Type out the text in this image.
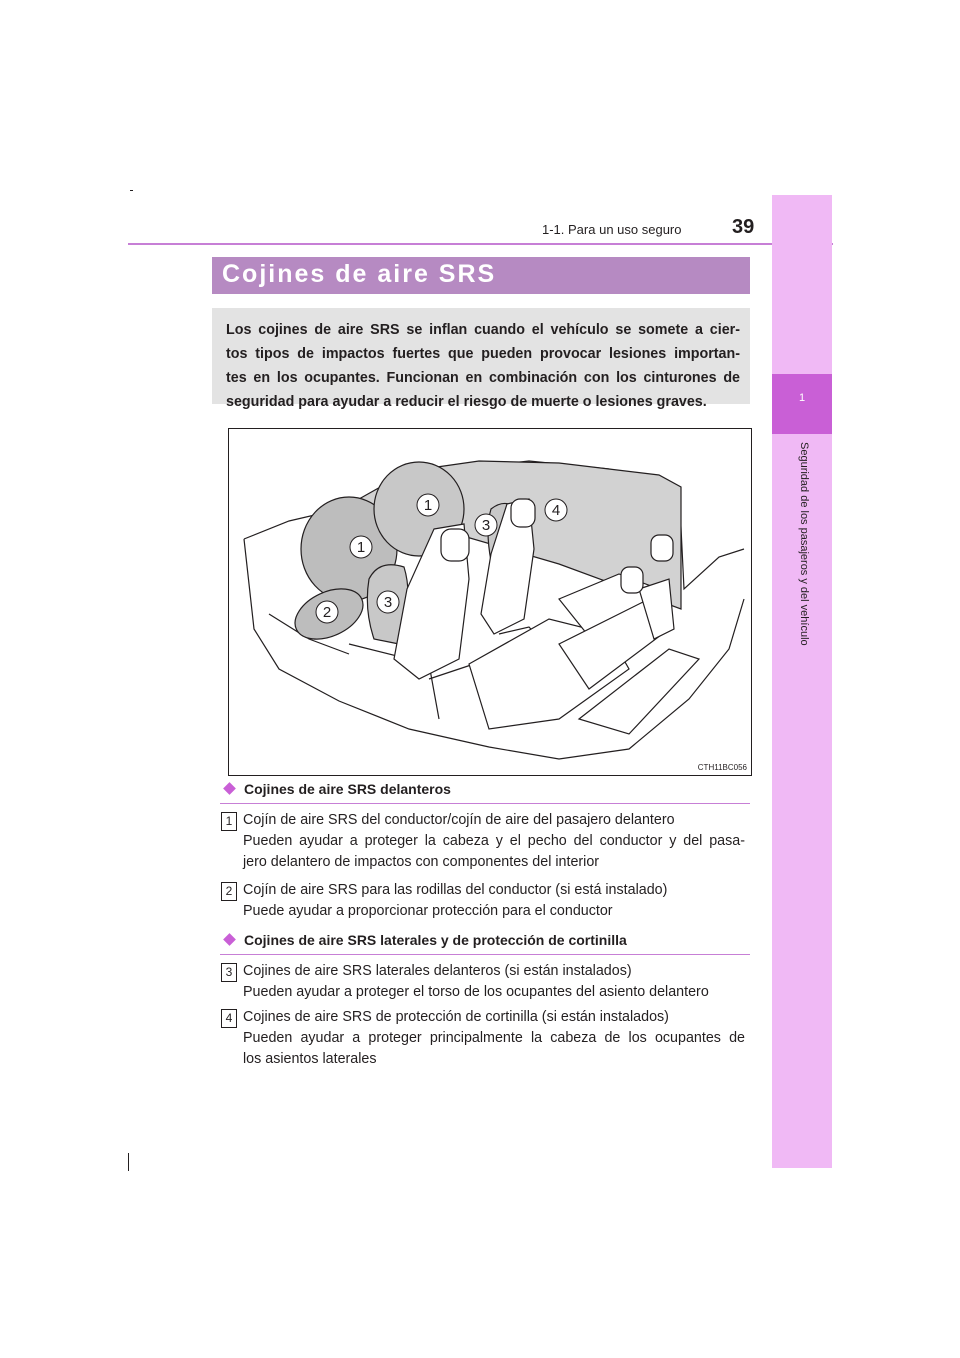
1-1. Para un uso seguro	39
1
Seguridad de los pasajeros y del vehículo
Cojines de aire SRS
Los cojines de aire SRS se inflan cuando el vehículo se somete a cier-
tos tipos de impactos fuertes que pueden provocar lesiones importan-
tes en los ocupantes. Funcionan en combinación con los cinturones de
seguridad para ayudar a reducir el riesgo de muerte o lesiones graves.
1
1
2
3
3
4
CTH11BC056
Cojines de aire SRS delanteros
1 Cojín de aire SRS del conductor/cojín de aire del pasajero delantero
Pueden ayudar a proteger la cabeza y el pecho del conductor y del pasa-
jero delantero de impactos con componentes del interior
2 Cojín de aire SRS para las rodillas del conductor (si está instalado)
Puede ayudar a proporcionar protección para el conductor
Cojines de aire SRS laterales y de protección de cortinilla
3 Cojines de aire SRS laterales delanteros (si están instalados)
Pueden ayudar a proteger el torso de los ocupantes del asiento delantero
4 Cojines de aire SRS de protección de cortinilla (si están instalados)
Pueden ayudar a proteger principalmente la cabeza de los ocupantes de
los asientos laterales
